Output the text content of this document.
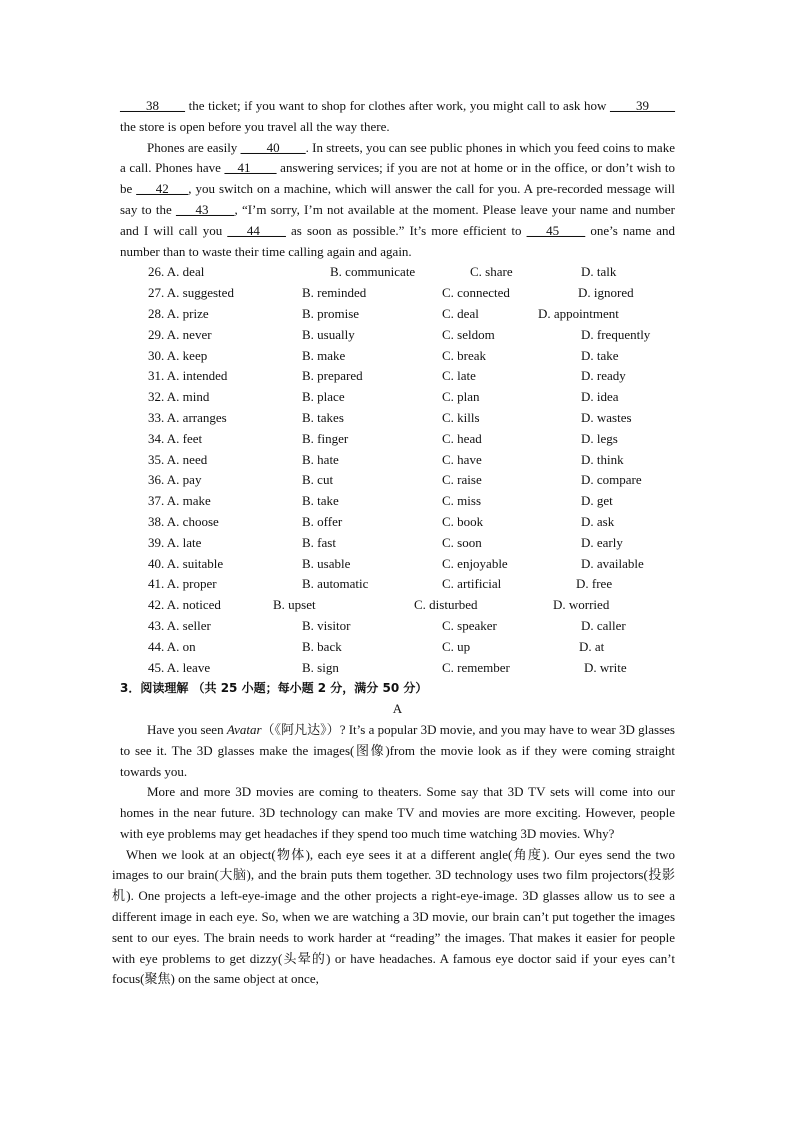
____38____ the ticket; if you want to shop for clothes after work, you might call to ask how ____39____ the store is open before you travel all the way there.

Phones are easily ____40____. In streets, you can see public phones in which you feed coins to make a call. Phones have __41____ answering services; if you are not at home or in the office, or don’t wish to be ___42___, you switch on a machine, which will answer the call for you. A pre-recorded message will say to the ___43____, “I’m sorry, I’m not available at the moment. Please leave your name and number and I will call you ___44____ as soon as possible.” It’s more efficient to ___45____ one’s name and number than to waste their time calling again and again.

26. A. deal	B. communicate	C. share	D. talk
27. A. suggested	B. reminded	C. connected	D. ignored
28. A. prize	B. promise	C. deal	D. appointment
29. A. never	B. usually	C. seldom	D. frequently
30. A. keep	B. make	C. break	D. take
31. A. intended	B. prepared	C. late	D. ready
32. A. mind	B. place	C. plan	D. idea
33. A. arranges	B. takes	C. kills	D. wastes
34. A. feet	B. finger	C. head	D. legs
35. A. need	B. hate	C. have	D. think
36. A. pay	B. cut	C. raise	D. compare
37. A. make	B. take	C. miss	D. get
38. A. choose	B. offer	C. book	D. ask
39. A. late	B. fast	C. soon	D. early
40. A. suitable	B. usable	C. enjoyable	D. available
41. A. proper	B. automatic	C. artificial	D. free
42. A. noticed	B. upset	C. disturbed	D. worried
43. A. seller	B. visitor	C. speaker	D. caller
44. A. on	B. back	C. up	D. at
45. A. leave	B. sign	C. remember	D. write

3．阅读理解 （共 25 小题；每小题 2 分，满分 50 分）

A

Have you seen Avatar（《阿凡达》）? It’s a popular 3D movie, and you may have to wear 3D glasses to see it. The 3D glasses make the images(图像)from the movie look as if they were coming straight towards you.

More and more 3D movies are coming to theaters. Some say that 3D TV sets will come into our homes in the near future. 3D technology can make TV and movies are more exciting. However, people with eye problems may get headaches if they spend too much time watching 3D movies. Why?

When we look at an object(物体), each eye sees it at a different angle(角度). Our eyes send the two images to our brain(大脑), and the brain puts them together. 3D technology uses two film projectors(投影机). One projects a left-eye-image and the other projects a right-eye-image. 3D glasses allow us to see a different image in each eye. So, when we are watching a 3D movie, our brain can’t put together the images sent to our eyes. The brain needs to work harder at “reading” the images. That makes it easier for people with eye problems to get dizzy(头晕的) or have headaches. A famous eye doctor said if your eyes can’t focus(聚焦) on the same object at once,
